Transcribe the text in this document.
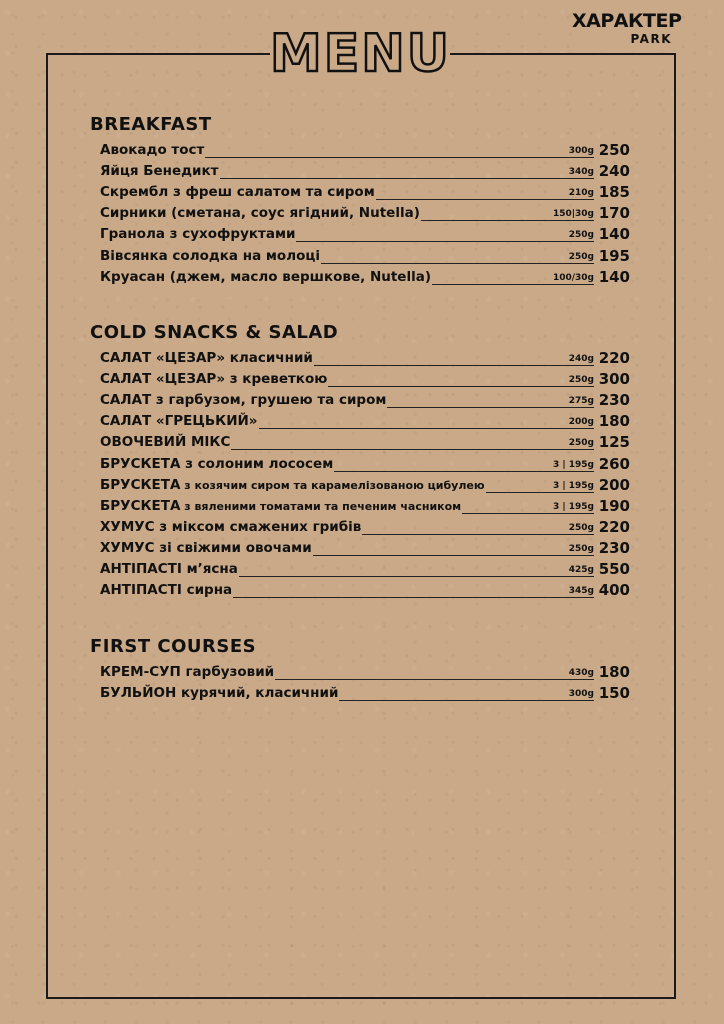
MENU
ХАРАКТЕР
PARK
BREAKFAST
Авокадо тост	300g 250
Яйця Бенедикт	340g 240
Скрембл з фреш салатом та сиром	210g 185
Сирники (сметана, соус ягідний, Nutella)	150|30g 170
Гранола з сухофруктами	250g 140
Вівсянка солодка на молоці	250g 195
Круасан (джем, масло вершкове, Nutella)	100/30g 140
COLD SNACKS & SALAD
САЛАТ «ЦЕЗАР» класичний	240g 220
САЛАТ «ЦЕЗАР» з креветкою	250g 300
САЛАТ з гарбузом, грушею та сиром	275g 230
САЛАТ «ГРЕЦЬКИЙ»	200g 180
ОВОЧЕВИЙ МІКС	250g 125
БРУСКЕТА з солоним лососем	3 | 195g 260
БРУСКЕТА з козячим сиром та карамелізованою цибулею	3 | 195g 200
БРУСКЕТА з вяленими томатами та печеним часником	3 | 195g 190
ХУМУС з міксом смажених грибів	250g 220
ХУМУС зі свіжими овочами	250g 230
АНТІПАСТІ м’ясна	425g 550
АНТІПАСТІ сирна	345g 400
FIRST COURSES
КРЕМ-СУП гарбузовий	430g 180
БУЛЬЙОН курячий, класичний	300g 150
